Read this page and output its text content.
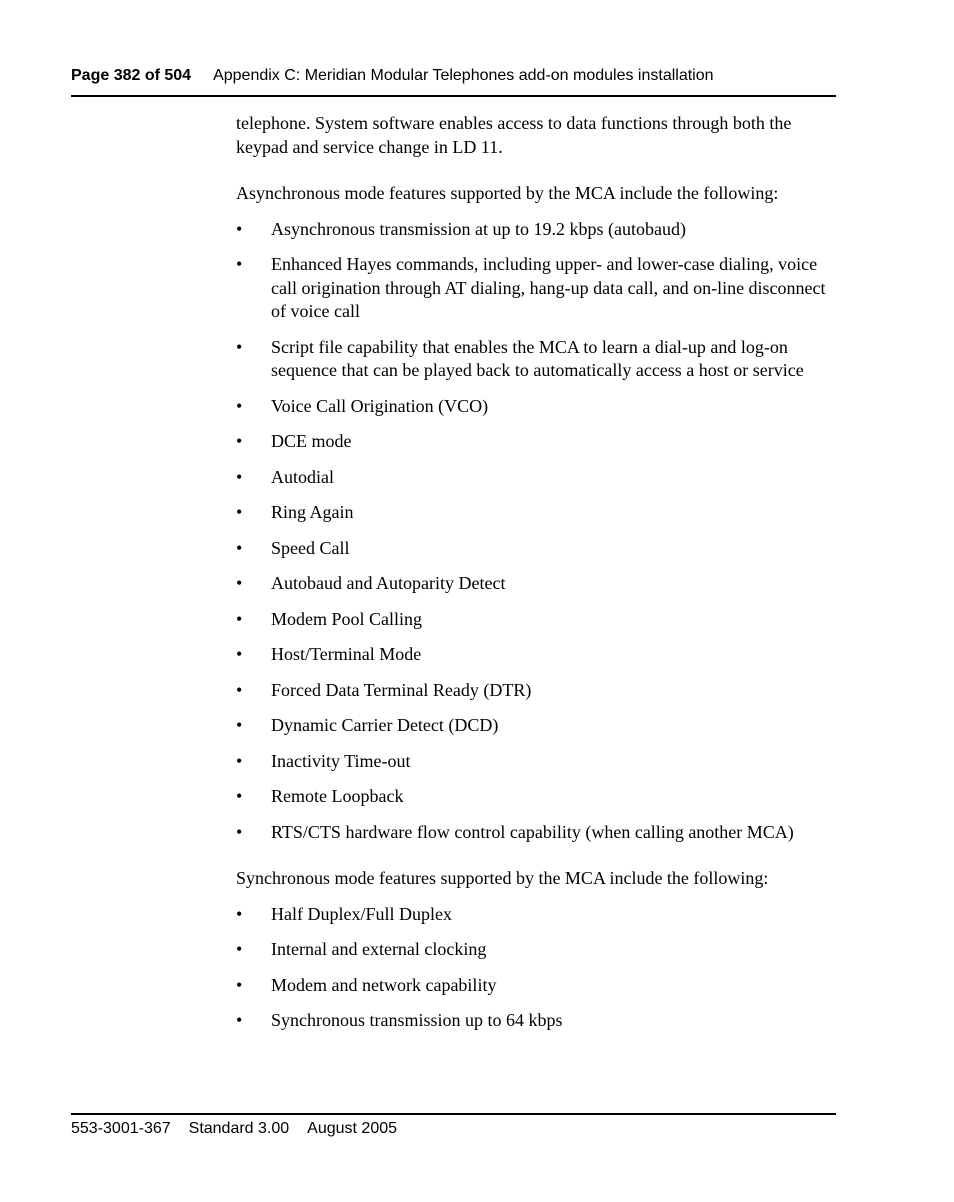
Page 382 of 504 Appendix C: Meridian Modular Telephones add-on modules installation

telephone. System software enables access to data functions through both the keypad and service change in LD 11.

Asynchronous mode features supported by the MCA include the following:

• Asynchronous transmission at up to 19.2 kbps (autobaud)
• Enhanced Hayes commands, including upper- and lower-case dialing, voice call origination through AT dialing, hang-up data call, and on-line disconnect of voice call
• Script file capability that enables the MCA to learn a dial-up and log-on sequence that can be played back to automatically access a host or service
• Voice Call Origination (VCO)
• DCE mode
• Autodial
• Ring Again
• Speed Call
• Autobaud and Autoparity Detect
• Modem Pool Calling
• Host/Terminal Mode
• Forced Data Terminal Ready (DTR)
• Dynamic Carrier Detect (DCD)
• Inactivity Time-out
• Remote Loopback
• RTS/CTS hardware flow control capability (when calling another MCA)

Synchronous mode features supported by the MCA include the following:

• Half Duplex/Full Duplex
• Internal and external clocking
• Modem and network capability
• Synchronous transmission up to 64 kbps
553-3001-367 Standard 3.00 August 2005
